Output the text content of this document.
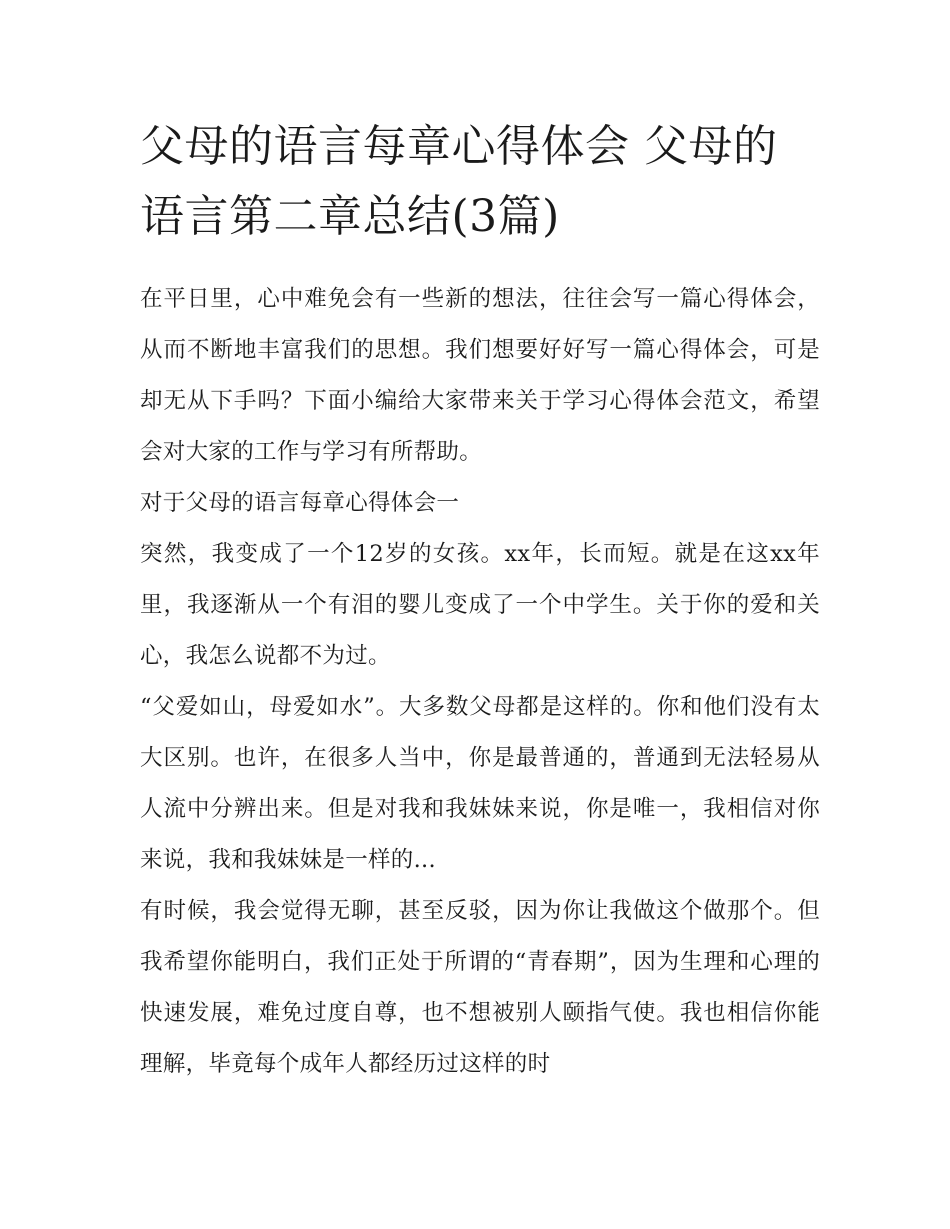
父母的语言每章心得体会 父母的语言第二章总结(3篇)

在平日里，心中难免会有一些新的想法，往往会写一篇心得体会，从而不断地丰富我们的思想。我们想要好好写一篇心得体会，可是却无从下手吗？下面小编给大家带来关于学习心得体会范文，希望会对大家的工作与学习有所帮助。

对于父母的语言每章心得体会一

突然，我变成了一个12岁的女孩。xx年，长而短。就是在这xx年里，我逐渐从一个有泪的婴儿变成了一个中学生。关于你的爱和关心，我怎么说都不为过。

“父爱如山，母爱如水”。大多数父母都是这样的。你和他们没有太大区别。也许，在很多人当中，你是最普通的，普通到无法轻易从人流中分辨出来。但是对我和我妹妹来说，你是唯一，我相信对你来说，我和我妹妹是一样的...

有时候，我会觉得无聊，甚至反驳，因为你让我做这个做那个。但我希望你能明白，我们正处于所谓的“青春期”，因为生理和心理的快速发展，难免过度自尊，也不想被别人颐指气使。我也相信你能理解，毕竟每个成年人都经历过这样的时
